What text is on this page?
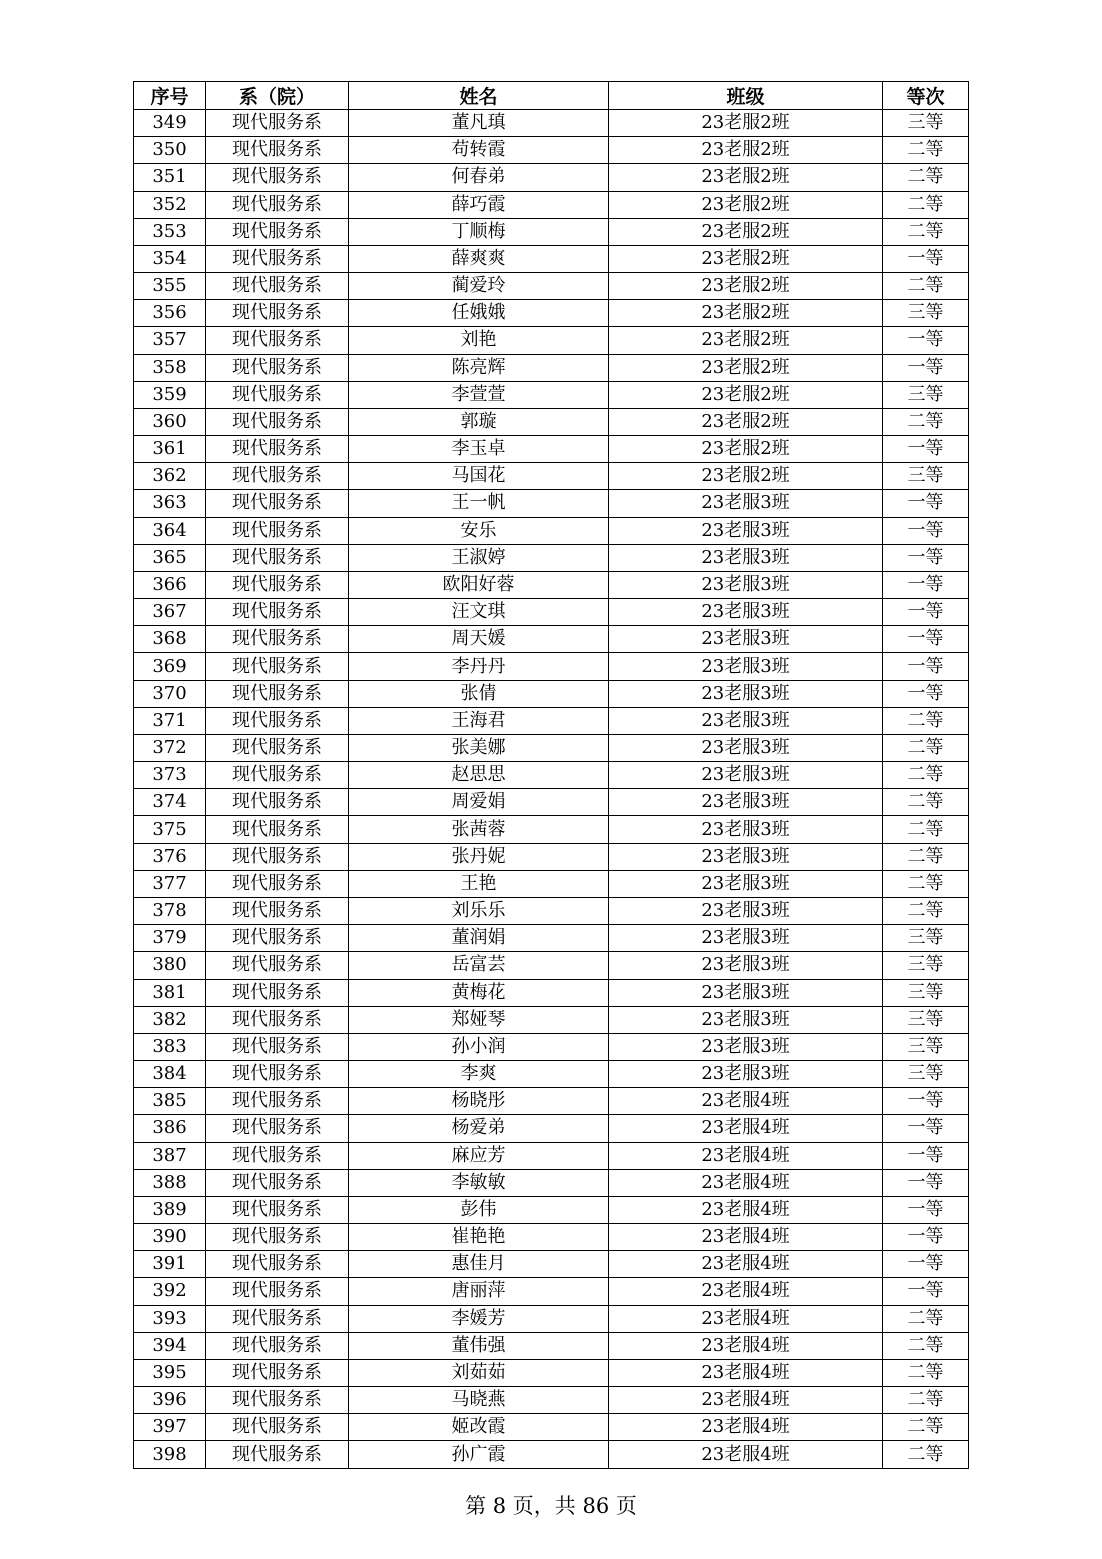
序号	系（院）	姓名	班级	等次
349	现代服务系	董凡瑱	23老服2班	三等
350	现代服务系	苟转霞	23老服2班	二等
351	现代服务系	何春弟	23老服2班	二等
352	现代服务系	薛巧霞	23老服2班	二等
353	现代服务系	丁顺梅	23老服2班	二等
354	现代服务系	薛爽爽	23老服2班	一等
355	现代服务系	蔺爱玲	23老服2班	二等
356	现代服务系	任娥娥	23老服2班	三等
357	现代服务系	刘艳	23老服2班	一等
358	现代服务系	陈亮辉	23老服2班	一等
359	现代服务系	李萱萱	23老服2班	三等
360	现代服务系	郭璇	23老服2班	二等
361	现代服务系	李玉卓	23老服2班	一等
362	现代服务系	马国花	23老服2班	三等
363	现代服务系	王一帆	23老服3班	一等
364	现代服务系	安乐	23老服3班	一等
365	现代服务系	王淑婷	23老服3班	一等
366	现代服务系	欧阳好蓉	23老服3班	一等
367	现代服务系	汪文琪	23老服3班	一等
368	现代服务系	周天媛	23老服3班	一等
369	现代服务系	李丹丹	23老服3班	一等
370	现代服务系	张倩	23老服3班	一等
371	现代服务系	王海君	23老服3班	二等
372	现代服务系	张美娜	23老服3班	二等
373	现代服务系	赵思思	23老服3班	二等
374	现代服务系	周爱娟	23老服3班	二等
375	现代服务系	张茜蓉	23老服3班	二等
376	现代服务系	张丹妮	23老服3班	二等
377	现代服务系	王艳	23老服3班	二等
378	现代服务系	刘乐乐	23老服3班	二等
379	现代服务系	董润娟	23老服3班	三等
380	现代服务系	岳富芸	23老服3班	三等
381	现代服务系	黄梅花	23老服3班	三等
382	现代服务系	郑娅琴	23老服3班	三等
383	现代服务系	孙小润	23老服3班	三等
384	现代服务系	李爽	23老服3班	三等
385	现代服务系	杨晓彤	23老服4班	一等
386	现代服务系	杨爱弟	23老服4班	一等
387	现代服务系	麻应芳	23老服4班	一等
388	现代服务系	李敏敏	23老服4班	一等
389	现代服务系	彭伟	23老服4班	一等
390	现代服务系	崔艳艳	23老服4班	一等
391	现代服务系	惠佳月	23老服4班	一等
392	现代服务系	唐丽萍	23老服4班	一等
393	现代服务系	李媛芳	23老服4班	二等
394	现代服务系	董伟强	23老服4班	二等
395	现代服务系	刘茹茹	23老服4班	二等
396	现代服务系	马晓燕	23老服4班	二等
397	现代服务系	姬改霞	23老服4班	二等
398	现代服务系	孙广霞	23老服4班	二等
第 8 页，共 86 页
